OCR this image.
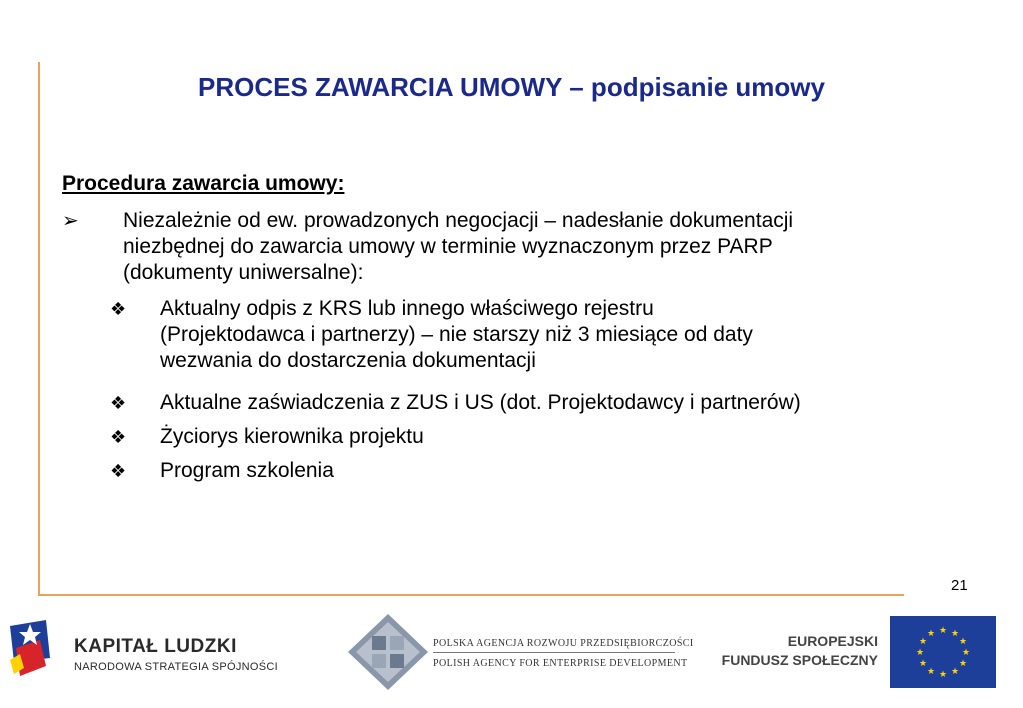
PROCES ZAWARCIA UMOWY – podpisanie umowy
Procedura zawarcia umowy:
➢ Niezależnie od ew. prowadzonych negocjacji – nadesłanie dokumentacji
niezbędnej do zawarcia umowy w terminie wyznaczonym przez PARP
(dokumenty uniwersalne):
❖ Aktualny odpis z KRS lub innego właściwego rejestru
(Projektodawca i partnerzy) – nie starszy niż 3 miesiące od daty
wezwania do dostarczenia dokumentacji
❖ Aktualne zaświadczenia z ZUS i US (dot. Projektodawcy i partnerów)
❖ Życiorys kierownika projektu
❖ Program szkolenia
21
KAPITAŁ LUDZKI
NARODOWA STRATEGIA SPÓJNOŚCI
POLSKA AGENCJA ROZWOJU PRZEDSIĘBIORCZOŚCI
POLISH AGENCY FOR ENTERPRISE DEVELOPMENT
EUROPEJSKI
FUNDUSZ SPOŁECZNY
★ ★
★
★
★
★
★
★
★
★
★
★
